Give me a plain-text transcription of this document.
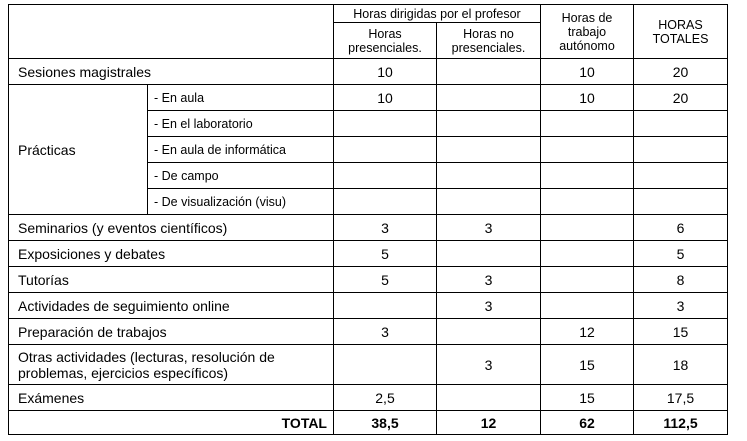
		Horas dirigidas por el profesor		Horas de trabajo autónomo	HORAS TOTALES
		Horas presenciales.	Horas no presenciales.		
Sesiones magistrales		10		10	20
Prácticas	- En aula	10		10	20
	- En el laboratorio				
	- En aula de informática				
	- De campo				
	- De visualización (visu)				
Seminarios (y eventos científicos)		3	3		6
Exposiciones y debates		5			5
Tutorías		5	3		8
Actividades de seguimiento online			3		3
Preparación de trabajos		3		12	15
Otras actividades (lecturas, resolución de problemas, ejercicios específicos)			3	15	18
Exámenes		2,5		15	17,5
TOTAL		38,5	12	62	112,5
